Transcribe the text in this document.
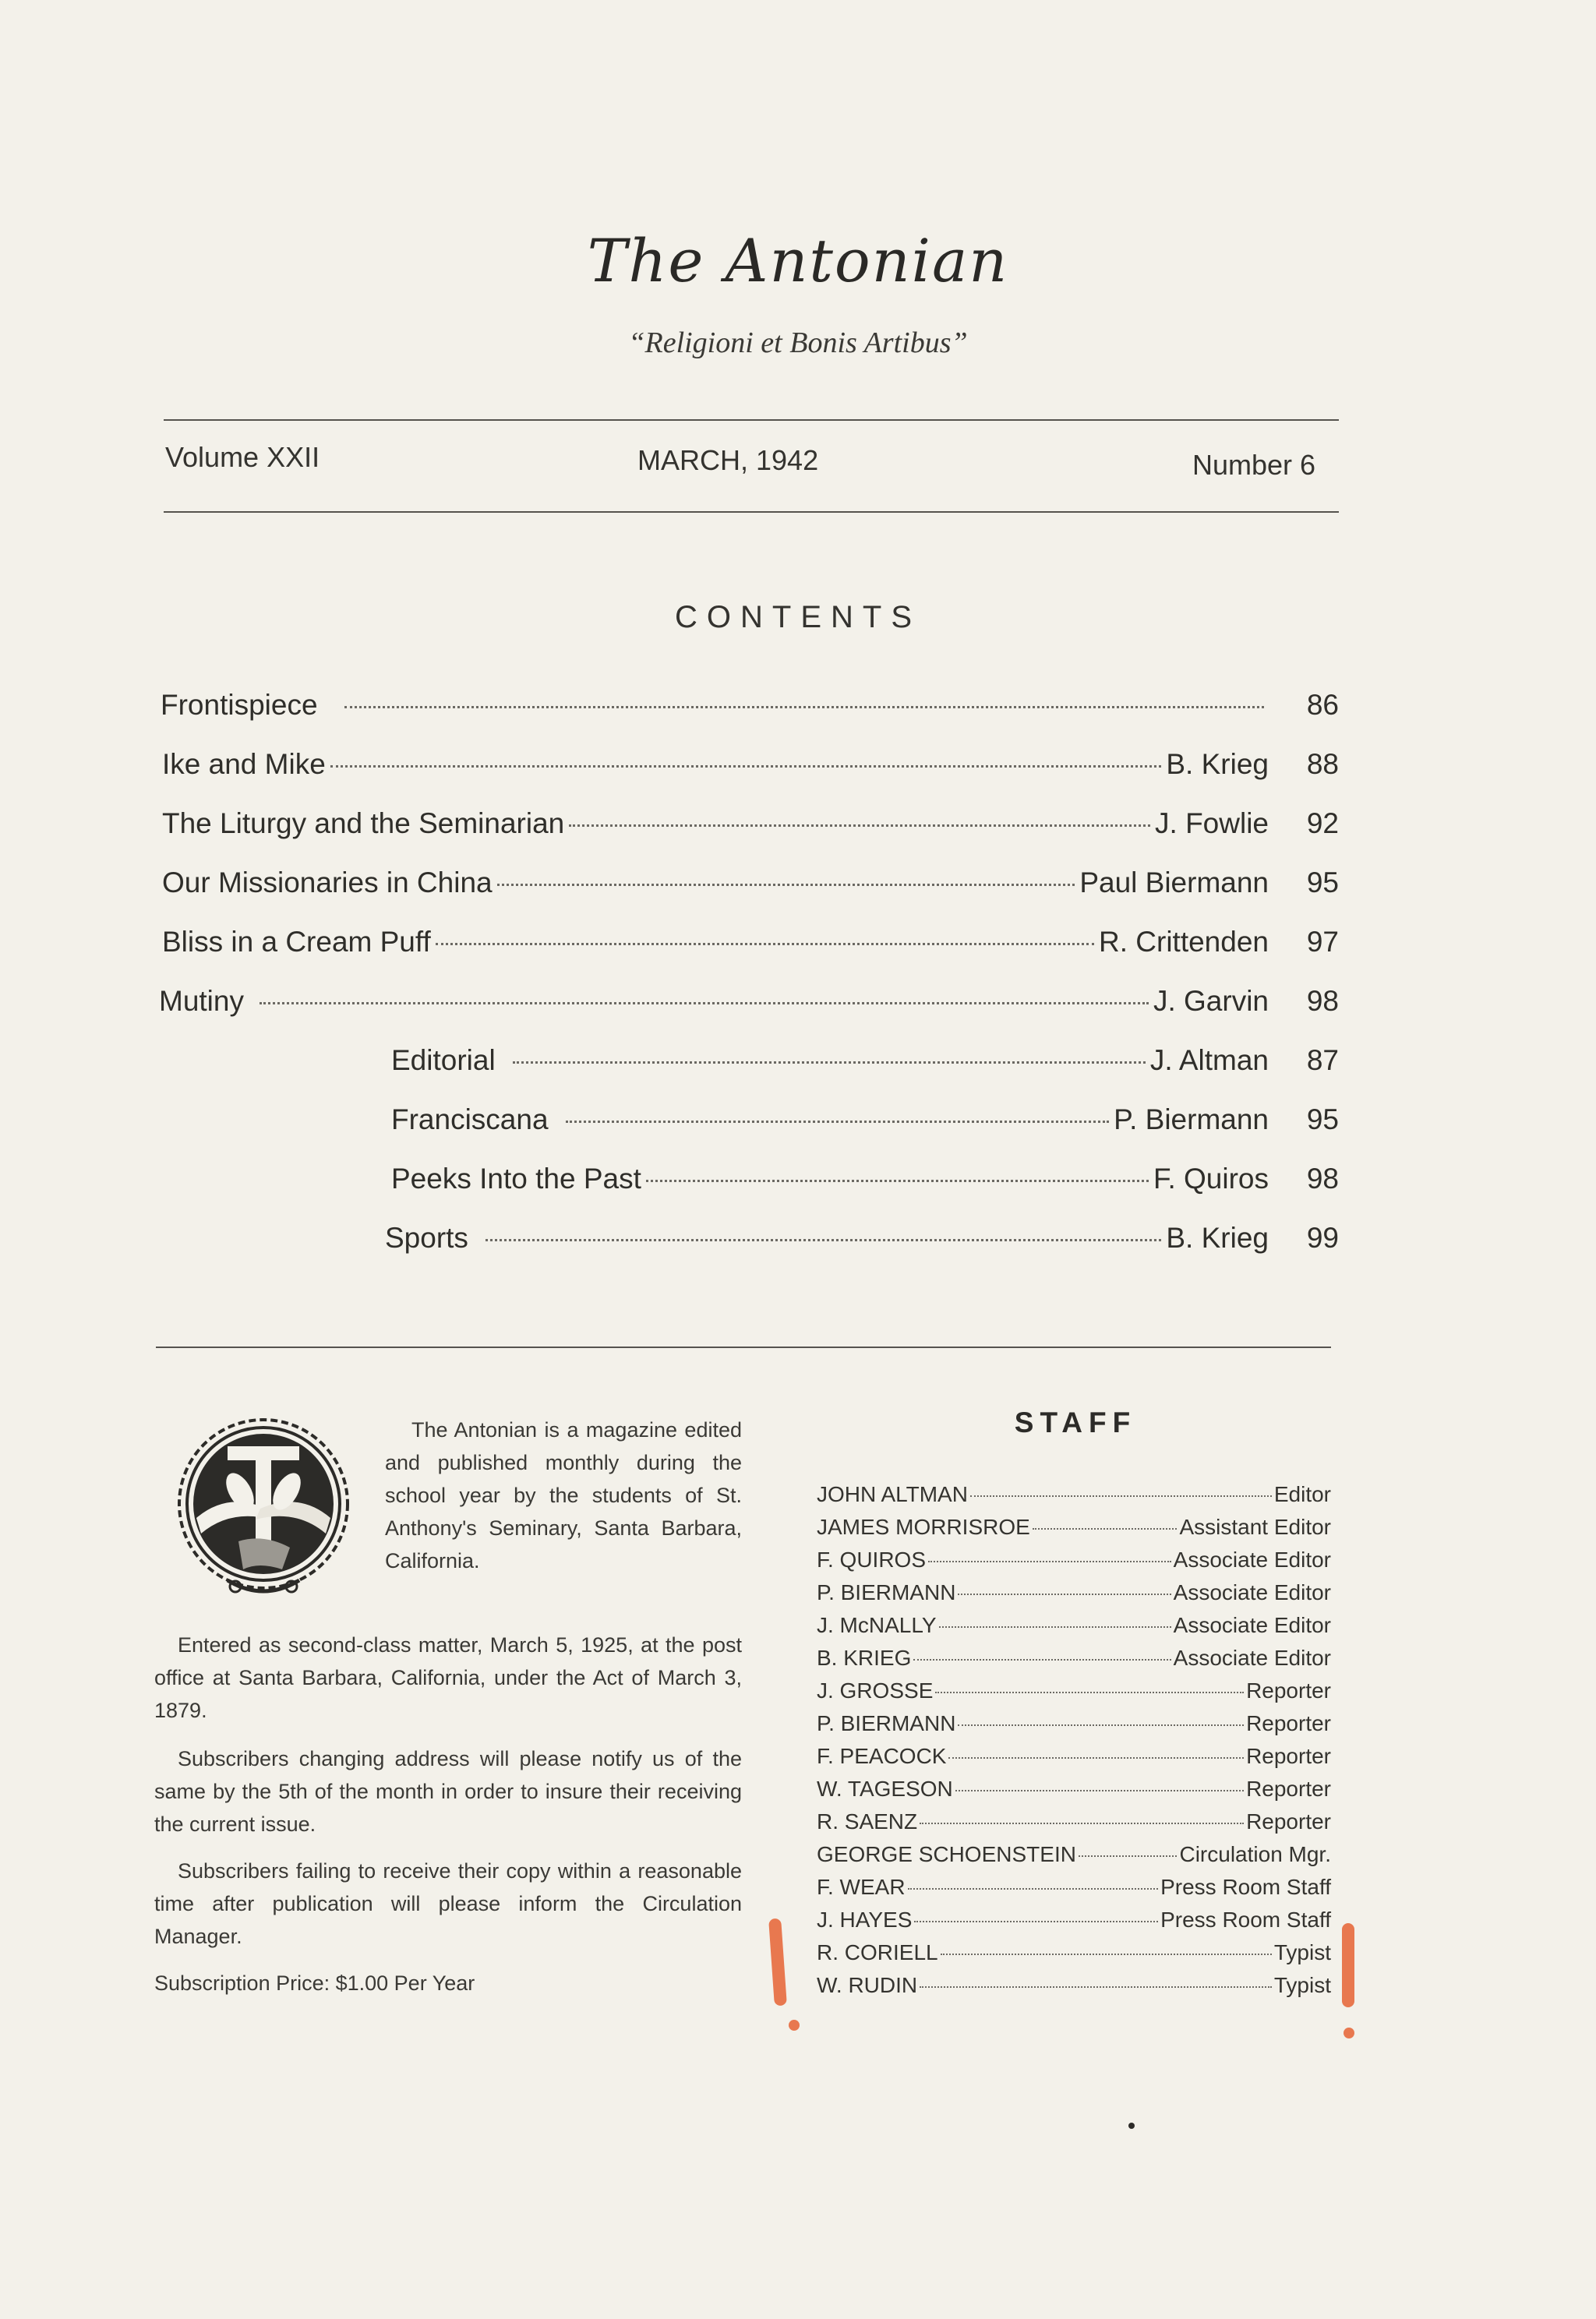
The Antonian
“Religioni et Bonis Artibus”
Volume XXII	MARCH, 1942	Number 6
CONTENTS
Frontispiece	86
Ike and Mike	B. Krieg	88
The Liturgy and the Seminarian	J. Fowlie	92
Our Missionaries in China	Paul Biermann	95
Bliss in a Cream Puff	R. Crittenden	97
Mutiny	J. Garvin	98
Editorial	J. Altman	87
Franciscana	P. Biermann	95
Peeks Into the Past	F. Quiros	98
Sports	B. Krieg	99
The Antonian is a magazine edited and published monthly during the school year by the students of St. Anthony's Seminary, Santa Barbara, California.
Entered as second-class matter, March 5, 1925, at the post office at Santa Barbara, California, under the Act of March 3, 1879.
Subscribers changing address will please notify us of the same by the 5th of the month in order to insure their receiving the current issue.
Subscribers failing to receive their copy within a reasonable time after publication will please inform the Circulation Manager.
Subscription Price: $1.00 Per Year
STAFF
JOHN ALTMAN	Editor
JAMES MORRISROE	Assistant Editor
F. QUIROS	Associate Editor
P. BIERMANN	Associate Editor
J. McNALLY	Associate Editor
B. KRIEG	Associate Editor
J. GROSSE	Reporter
P. BIERMANN	Reporter
F. PEACOCK	Reporter
W. TAGESON	Reporter
R. SAENZ	Reporter
GEORGE SCHOENSTEIN	Circulation Mgr.
F. WEAR	Press Room Staff
J. HAYES	Press Room Staff
R. CORIELL	Typist
W. RUDIN	Typist
